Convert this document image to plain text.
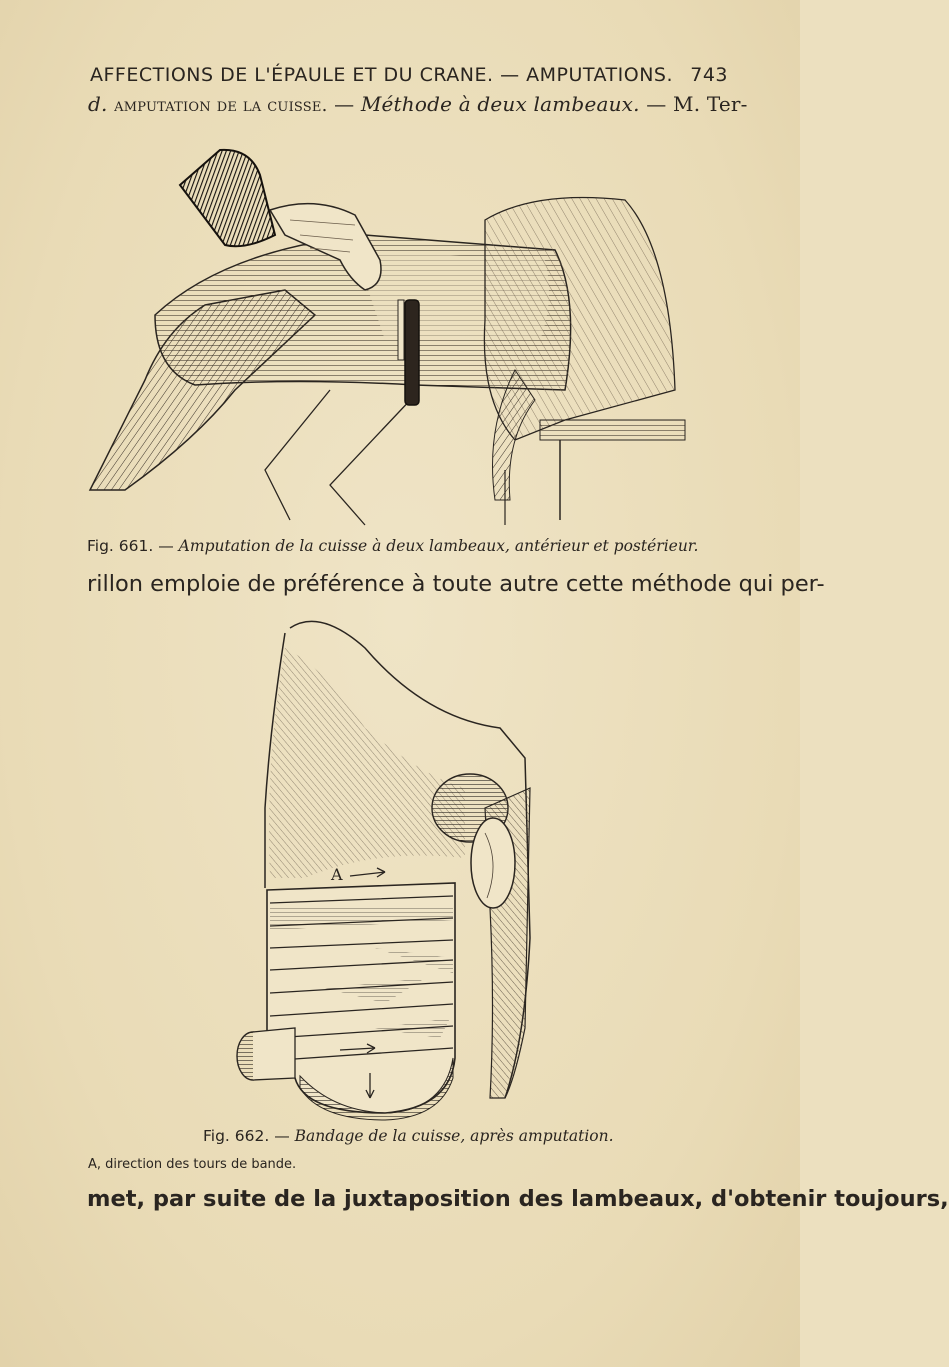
AFFECTIONS DE L'ÉPAULE ET DU CRANE. — AMPUTATIONS. 743
d. amputation de la cuisse. — Méthode à deux lambeaux. — M. Ter-
Fig. 661. — Amputation de la cuisse à deux lambeaux, antérieur et postérieur.
rillon emploie de préférence à toute autre cette méthode qui per-
A
Fig. 662. — Bandage de la cuisse, après amputation.
A, direction des tours de bande.
met, par suite de la juxtaposition des lambeaux, d'obtenir toujours,
